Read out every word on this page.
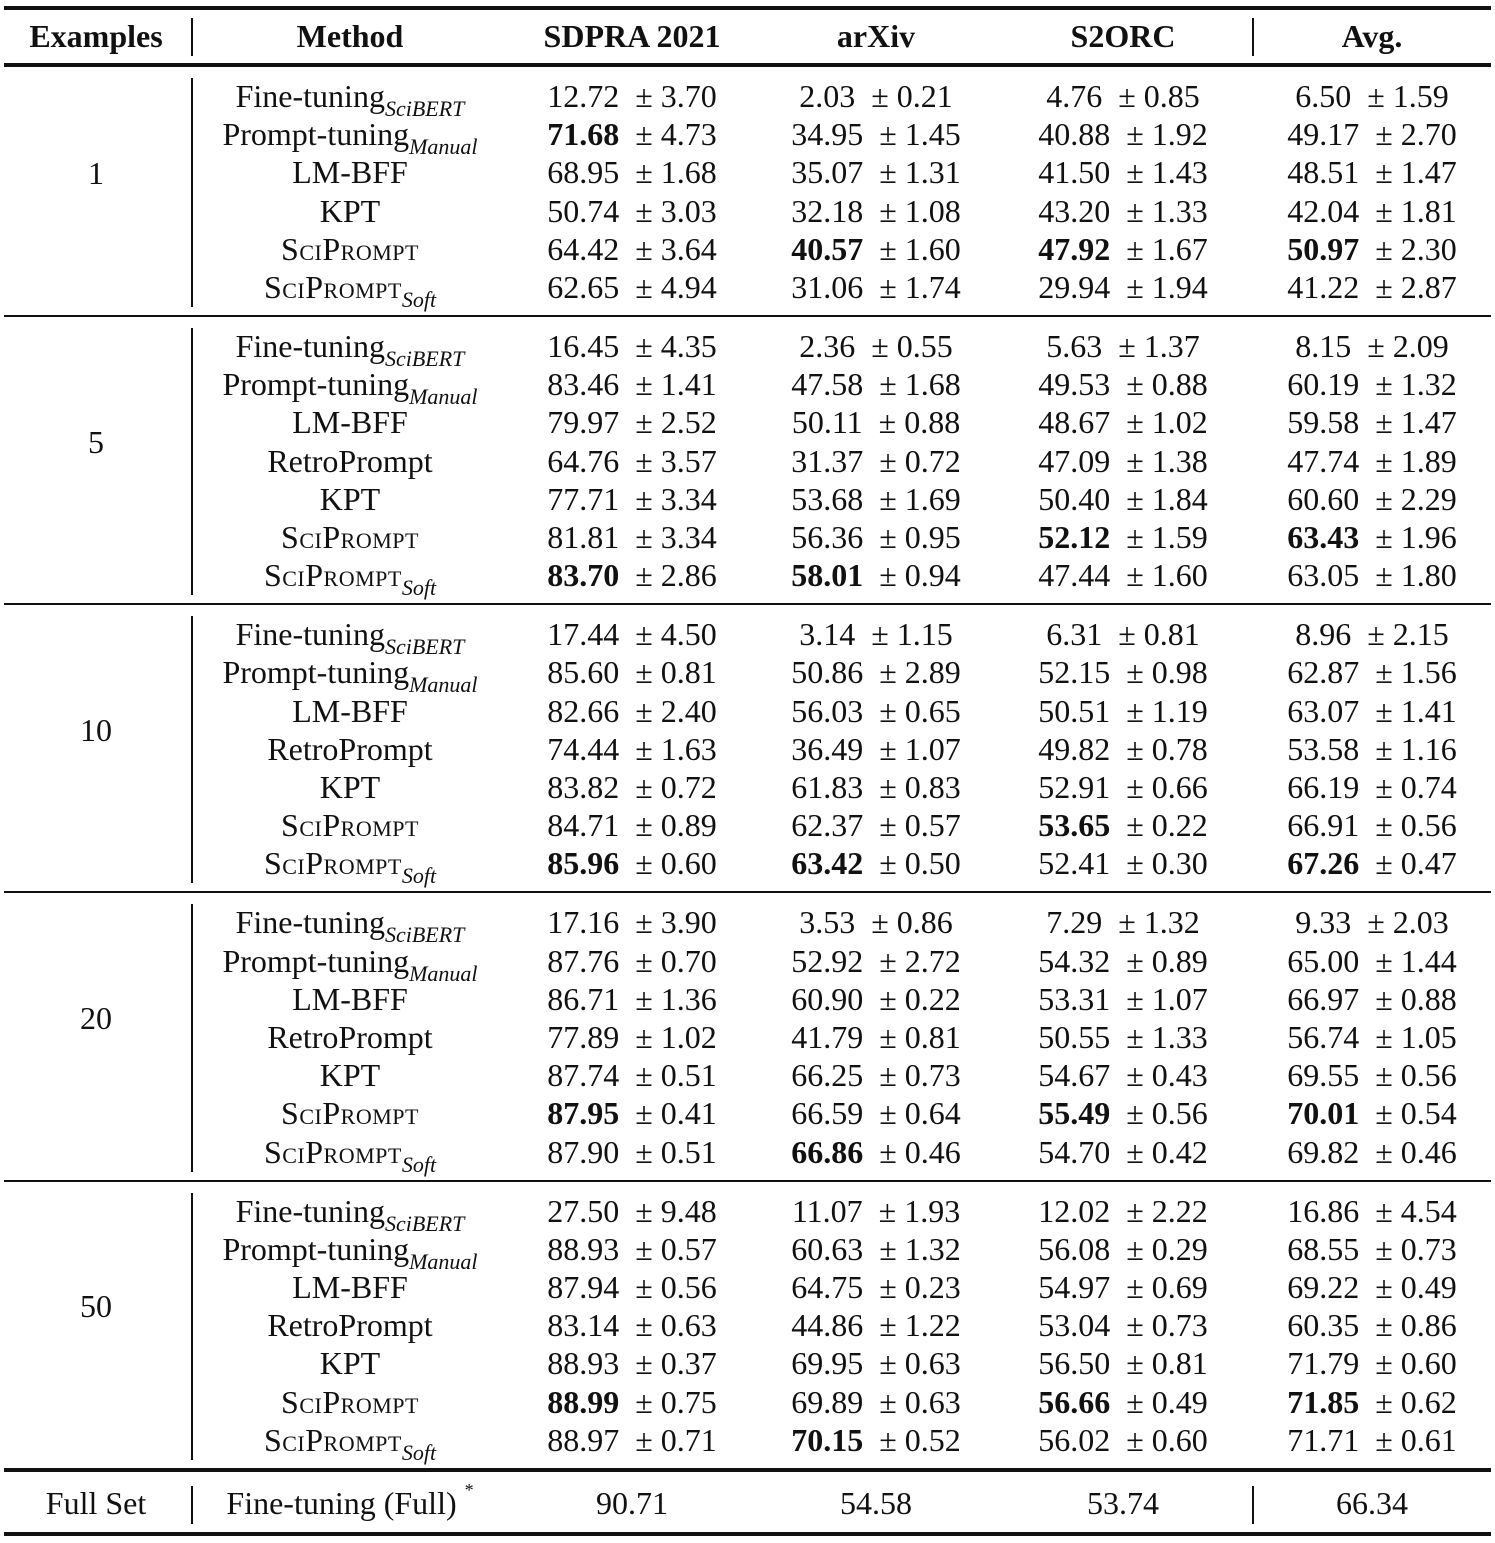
Examples	Method	SDPRA 2021	arXiv	S2ORC	Avg.
1
Fine-tuning$_{SciBERT}$	12.72 ± 3.70	2.03 ± 0.21	4.76 ± 0.85	6.50 ± 1.59
Prompt-tuning$_{Manual}$ 71.68 ± 4.73 34.95 ± 1.45 40.88 ± 1.92 49.17 ± 2.70
LM-BFF	68.95 ± 1.68 35.07 ± 1.31 41.50 ± 1.43 48.51 ± 1.47
KPT	50.74 ± 3.03 32.18 ± 1.08 43.20 ± 1.33 42.04 ± 1.81
SciPrompt	64.42 ± 3.64 40.57 ± 1.60 47.92 ± 1.67 50.97 ± 2.30
SciPrompt$_{Soft}$	62.65 ± 4.94 31.06 ± 1.74 29.94 ± 1.94 41.22 ± 2.87
5
Fine-tuning$_{SciBERT}$	16.45 ± 4.35	2.36 ± 0.55	5.63 ± 1.37	8.15 ± 2.09
Prompt-tuning$_{Manual}$ 83.46 ± 1.41 47.58 ± 1.68 49.53 ± 0.88 60.19 ± 1.32
LM-BFF	79.97 ± 2.52 50.11 ± 0.88 48.67 ± 1.02 59.58 ± 1.47
RetroPrompt	64.76 ± 3.57 31.37 ± 0.72 47.09 ± 1.38 47.74 ± 1.89
KPT	77.71 ± 3.34 53.68 ± 1.69 50.40 ± 1.84 60.60 ± 2.29
SciPrompt	81.81 ± 3.34 56.36 ± 0.95 52.12 ± 1.59 63.43 ± 1.96
SciPrompt$_{Soft}$	83.70 ± 2.86 58.01 ± 0.94 47.44 ± 1.60 63.05 ± 1.80
10
Fine-tuning$_{SciBERT}$	17.44 ± 4.50	3.14 ± 1.15	6.31 ± 0.81	8.96 ± 2.15
Prompt-tuning$_{Manual}$ 85.60 ± 0.81 50.86 ± 2.89 52.15 ± 0.98 62.87 ± 1.56
LM-BFF	82.66 ± 2.40 56.03 ± 0.65 50.51 ± 1.19 63.07 ± 1.41
RetroPrompt	74.44 ± 1.63 36.49 ± 1.07 49.82 ± 0.78 53.58 ± 1.16
KPT	83.82 ± 0.72 61.83 ± 0.83 52.91 ± 0.66 66.19 ± 0.74
SciPrompt	84.71 ± 0.89 62.37 ± 0.57 53.65 ± 0.22 66.91 ± 0.56
SciPrompt$_{Soft}$	85.96 ± 0.60 63.42 ± 0.50 52.41 ± 0.30 67.26 ± 0.47
20
Fine-tuning$_{SciBERT}$	17.16 ± 3.90	3.53 ± 0.86	7.29 ± 1.32	9.33 ± 2.03
Prompt-tuning$_{Manual}$ 87.76 ± 0.70 52.92 ± 2.72 54.32 ± 0.89 65.00 ± 1.44
LM-BFF	86.71 ± 1.36 60.90 ± 0.22 53.31 ± 1.07 66.97 ± 0.88
RetroPrompt	77.89 ± 1.02 41.79 ± 0.81 50.55 ± 1.33 56.74 ± 1.05
KPT	87.74 ± 0.51 66.25 ± 0.73 54.67 ± 0.43 69.55 ± 0.56
SciPrompt	87.95 ± 0.41 66.59 ± 0.64 55.49 ± 0.56 70.01 ± 0.54
SciPrompt$_{Soft}$	87.90 ± 0.51 66.86 ± 0.46 54.70 ± 0.42 69.82 ± 0.46
50
Fine-tuning$_{SciBERT}$	27.50 ± 9.48 11.07 ± 1.93 12.02 ± 2.22 16.86 ± 4.54
Prompt-tuning$_{Manual}$ 88.93 ± 0.57 60.63 ± 1.32 56.08 ± 0.29 68.55 ± 0.73
LM-BFF	87.94 ± 0.56 64.75 ± 0.23 54.97 ± 0.69 69.22 ± 0.49
RetroPrompt	83.14 ± 0.63 44.86 ± 1.22 53.04 ± 0.73 60.35 ± 0.86
KPT	88.93 ± 0.37 69.95 ± 0.63 56.50 ± 0.81 71.79 ± 0.60
SciPrompt	88.99 ± 0.75 69.89 ± 0.63 56.66 ± 0.49 71.85 ± 0.62
SciPrompt$_{Soft}$	88.97 ± 0.71 70.15 ± 0.52 56.02 ± 0.60 71.71 ± 0.61
Full Set	Fine-tuning (Full) *	90.71	54.58	53.74	66.34
